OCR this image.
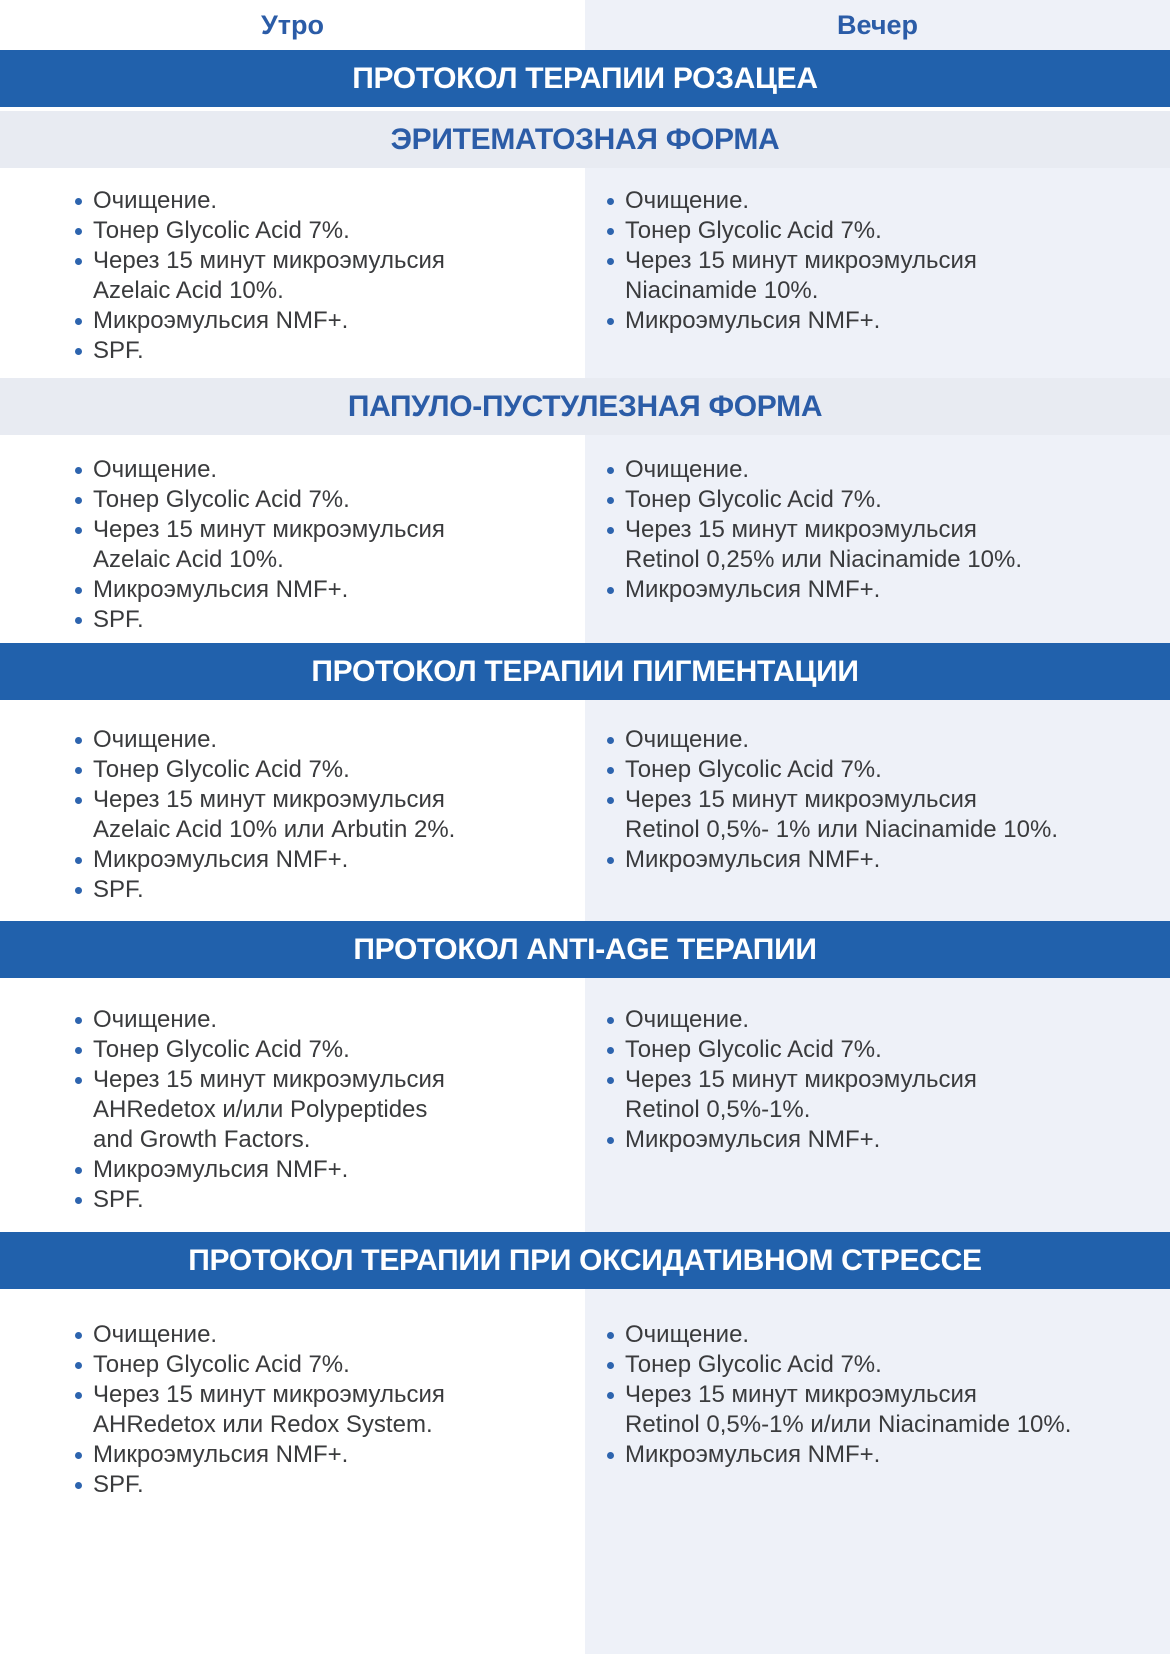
Утро	Вечер
ПРОТОКОЛ ТЕРАПИИ РОЗАЦЕА
ЭРИТЕМАТОЗНАЯ ФОРМА
Очищение.
Тонер Glycolic Acid 7%.
Через 15 минут микроэмульсия
Azelaic Acid 10%.
Микроэмульсия NMF+.
SPF.
Очищение.
Тонер Glycolic Acid 7%.
Через 15 минут микроэмульсия
Niacinamide 10%.
Микроэмульсия NMF+.
ПАПУЛО-ПУСТУЛЕЗНАЯ ФОРМА
Очищение.
Тонер Glycolic Acid 7%.
Через 15 минут микроэмульсия
Azelaic Acid 10%.
Микроэмульсия NMF+.
SPF.
Очищение.
Тонер Glycolic Acid 7%.
Через 15 минут микроэмульсия
Retinol 0,25% или Niacinamide 10%.
Микроэмульсия NMF+.
ПРОТОКОЛ ТЕРАПИИ ПИГМЕНТАЦИИ
Очищение.
Тонер Glycolic Acid 7%.
Через 15 минут микроэмульсия
Azelaic Acid 10% или Arbutin 2%.
Микроэмульсия NMF+.
SPF.
Очищение.
Тонер Glycolic Acid 7%.
Через 15 минут микроэмульсия
Retinol 0,5%- 1% или Niacinamide 10%.
Микроэмульсия NMF+.
ПРОТОКОЛ ANTI-AGE ТЕРАПИИ
Очищение.
Тонер Glycolic Acid 7%.
Через 15 минут микроэмульсия
AHRedetox и/или Polypeptides
and Growth Factors.
Микроэмульсия NMF+.
SPF.
Очищение.
Тонер Glycolic Acid 7%.
Через 15 минут микроэмульсия
Retinol 0,5%-1%.
Микроэмульсия NMF+.
ПРОТОКОЛ ТЕРАПИИ ПРИ ОКСИДАТИВНОМ СТРЕССЕ
Очищение.
Тонер Glycolic Acid 7%.
Через 15 минут микроэмульсия
AHRedetox или Redox System.
Микроэмульсия NMF+.
SPF.
Очищение.
Тонер Glycolic Acid 7%.
Через 15 минут микроэмульсия
Retinol 0,5%-1% и/или Niacinamide 10%.
Микроэмульсия NMF+.
